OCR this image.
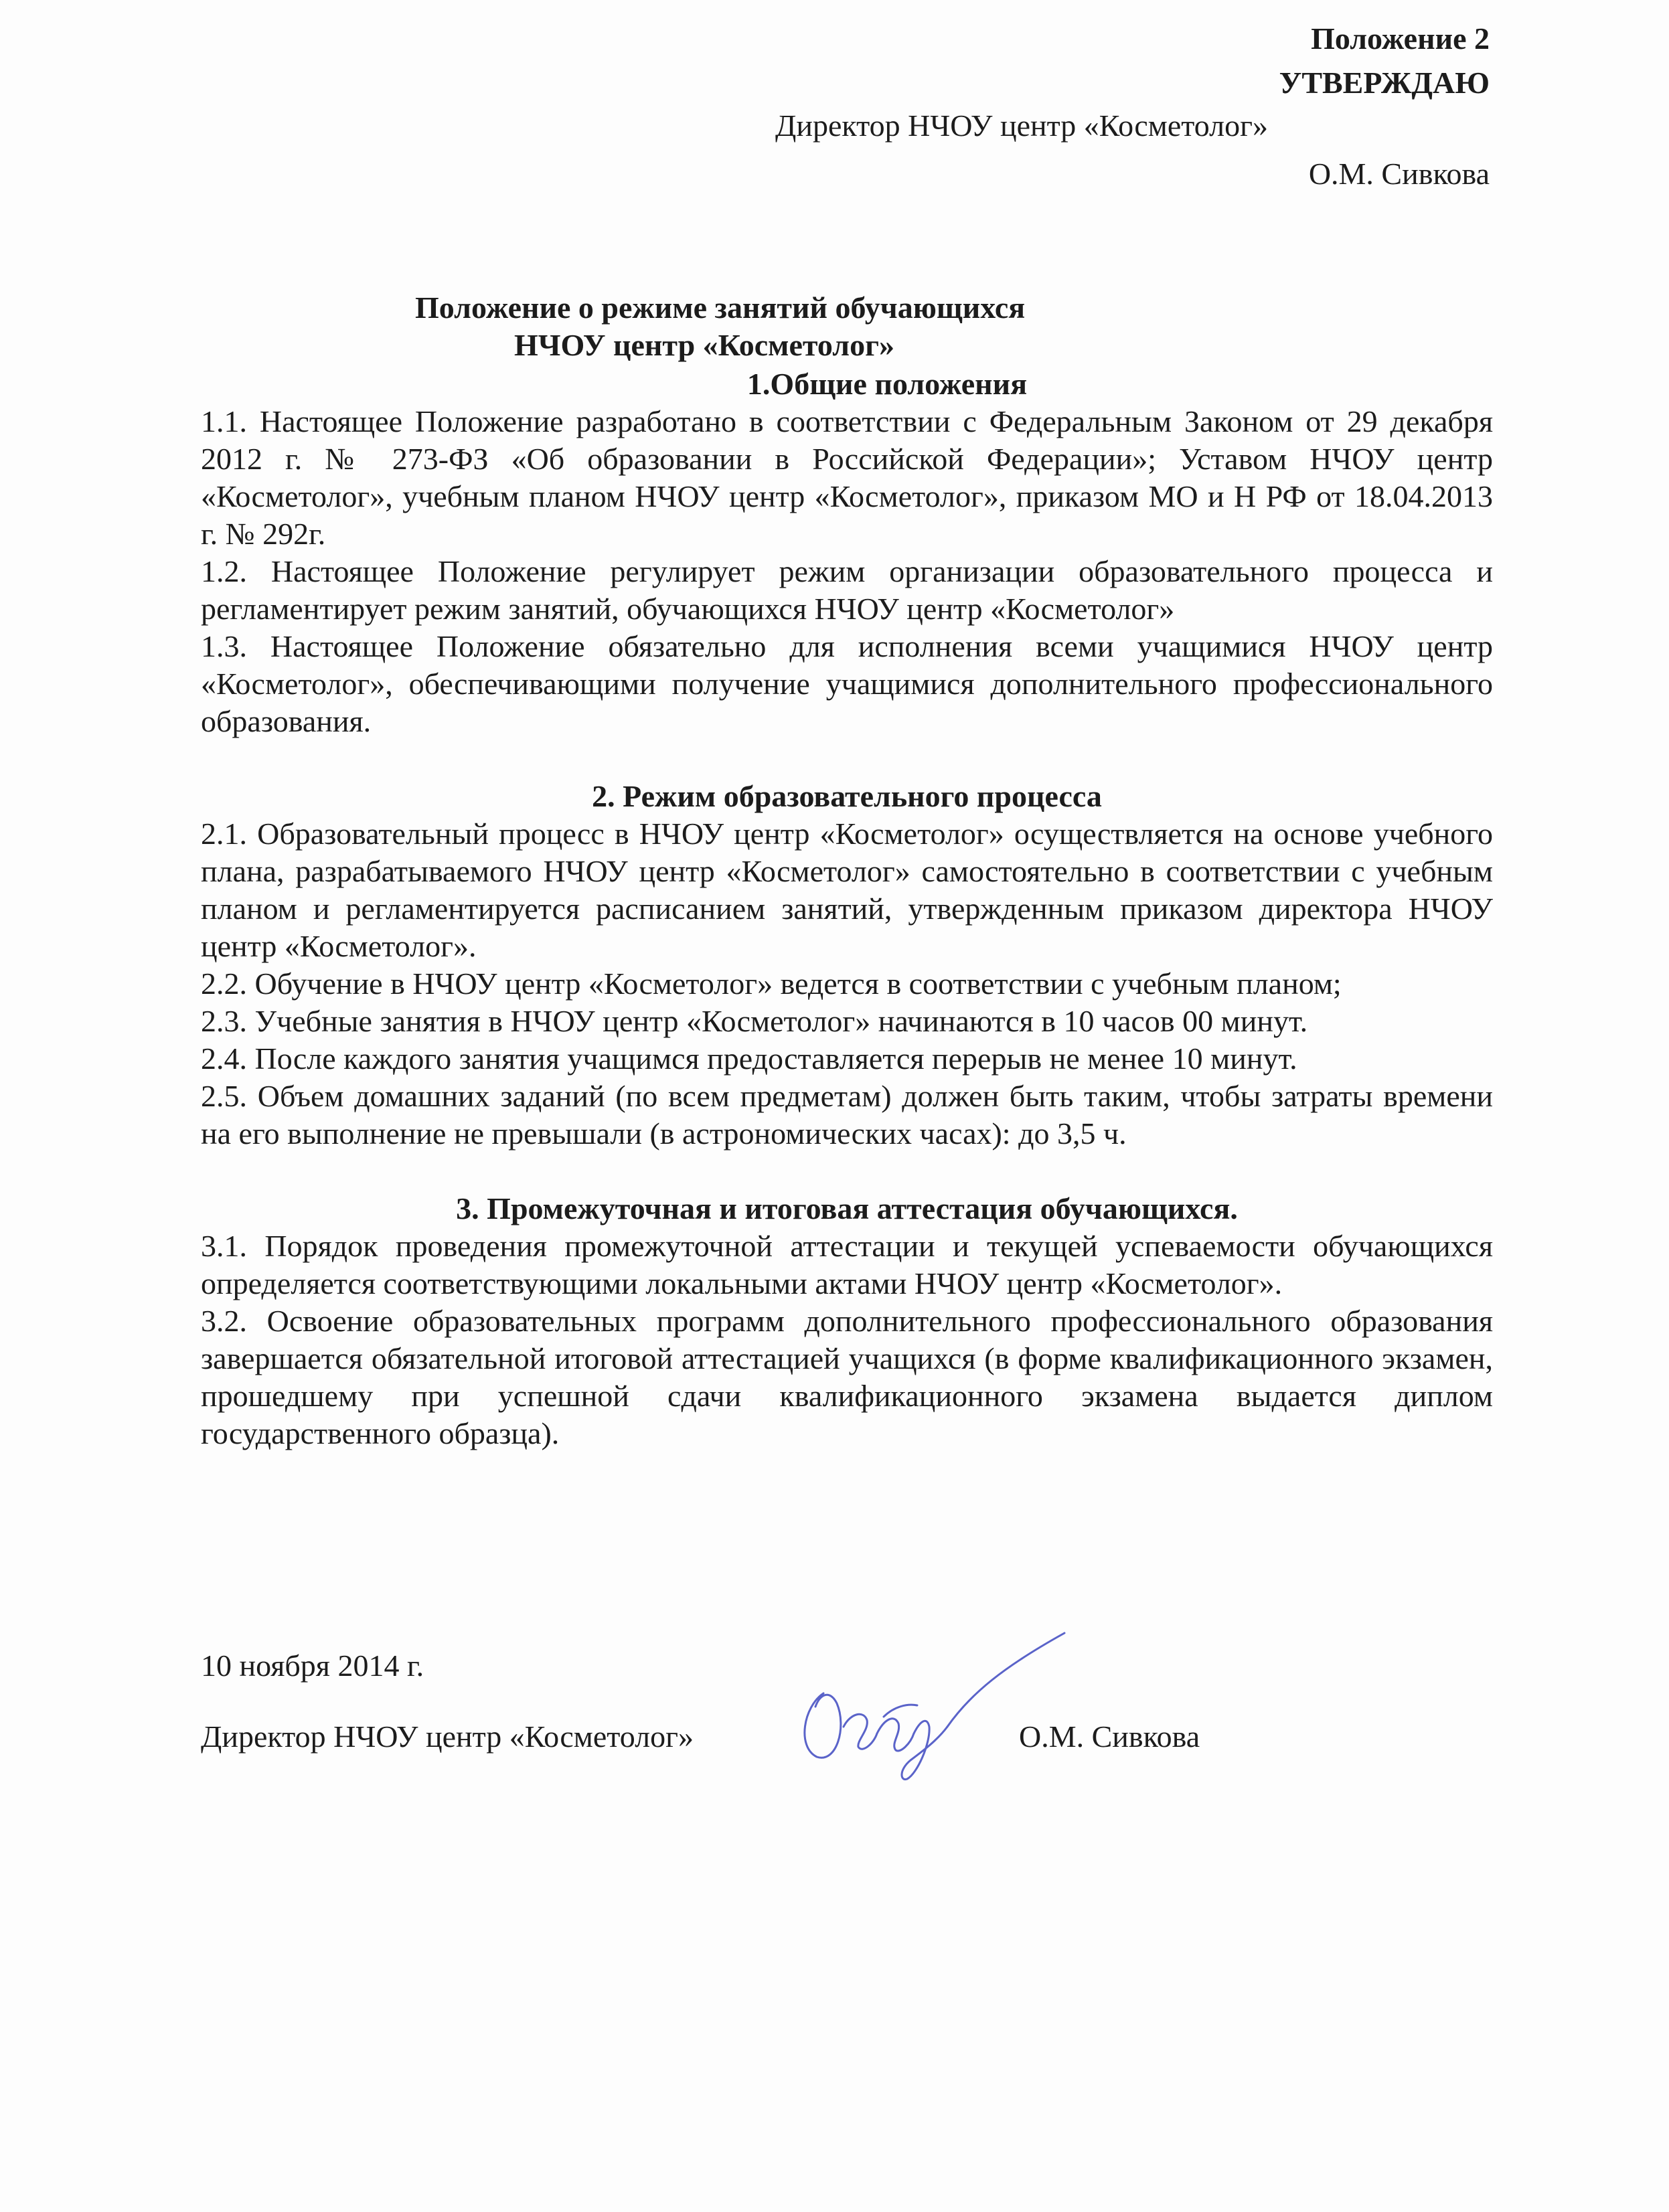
Положение 2
УТВЕРЖДАЮ
Директор НЧОУ центр «Косметолог»
О.М. Сивкова
Положение о режиме занятий обучающихся
НЧОУ центр «Косметолог»

1.Общие положения

1.1. Настоящее Положение разработано в соответствии с Федеральным Законом от 29 декабря 2012 г. № 273-ФЗ «Об образовании в Российской Федерации»; Уставом НЧОУ центр «Косметолог», учебным планом НЧОУ центр «Косметолог», приказом МО и Н РФ от 18.04.2013 г. № 292г.

1.2. Настоящее Положение регулирует режим организации образовательного процесса и регламентирует режим занятий, обучающихся НЧОУ центр «Косметолог»

1.3. Настоящее Положение обязательно для исполнения всеми учащимися НЧОУ центр «Косметолог», обеспечивающими получение учащимися дополнительного профессионального образования.

2. Режим образовательного процесса

2.1. Образовательный процесс в НЧОУ центр «Косметолог» осуществляется на основе учебного плана, разрабатываемого НЧОУ центр «Косметолог» самостоятельно в соответствии с учебным планом и регламентируется расписанием занятий, утвержденным приказом директора НЧОУ центр «Косметолог».

2.2. Обучение в НЧОУ центр «Косметолог» ведется в соответствии с учебным планом;

2.3. Учебные занятия в НЧОУ центр «Косметолог» начинаются в 10 часов 00 минут.

2.4. После каждого занятия учащимся предоставляется перерыв не менее 10 минут.

2.5. Объем домашних заданий (по всем предметам) должен быть таким, чтобы затраты времени на его выполнение не превышали (в астрономических часах): до 3,5 ч.

3. Промежуточная и итоговая аттестация обучающихся.

3.1. Порядок проведения промежуточной аттестации и текущей успеваемости обучающихся определяется соответствующими локальными актами НЧОУ центр «Косметолог».

3.2. Освоение образовательных программ дополнительного профессионального образования завершается обязательной итоговой аттестацией учащихся (в форме квалификационного экзамен, прошедшему при успешной сдачи квалификационного экзамена выдается диплом государственного образца).

10 ноября 2014 г.
Директор НЧОУ центр «Косметолог»	О.М. Сивкова
